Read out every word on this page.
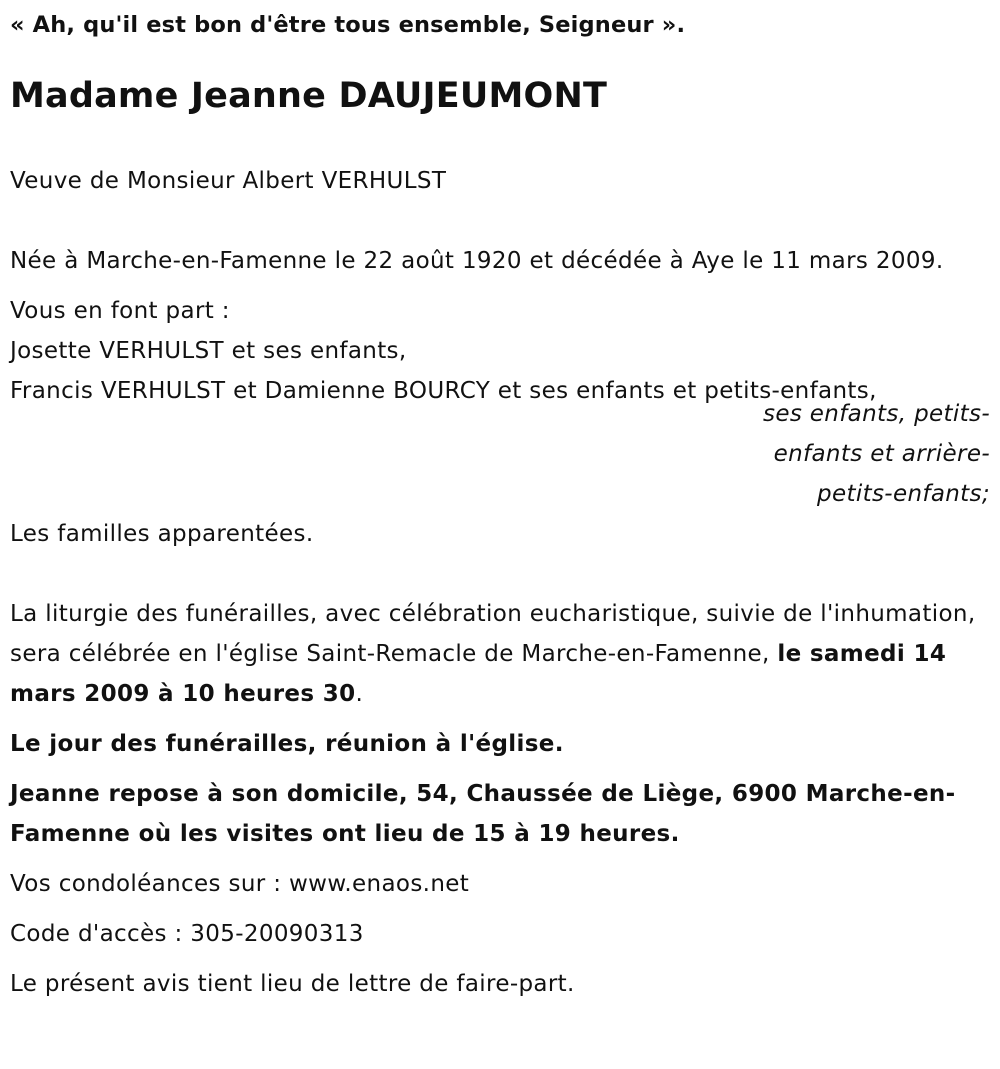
« Ah, qu'il est bon d'être tous ensemble, Seigneur ».

Madame Jeanne DAUJEUMONT

Veuve de Monsieur Albert VERHULST

Née à Marche-en-Famenne le 22 août 1920 et décédée à Aye le 11 mars 2009.

Vous en font part :

Josette VERHULST et ses enfants,

Francis VERHULST et Damienne BOURCY et ses enfants et petits-enfants,

ses enfants, petits-
enfants et arrière-
petits-enfants;

Les familles apparentées.

La liturgie des funérailles, avec célébration eucharistique, suivie de l'inhumation, sera célébrée en l'église Saint-Remacle de Marche-en-Famenne, le samedi 14 mars 2009 à 10 heures 30.

Le jour des funérailles, réunion à l'église.

Jeanne repose à son domicile, 54, Chaussée de Liège, 6900 Marche-en-Famenne où les visites ont lieu de 15 à 19 heures.

Vos condoléances sur : www.enaos.net

Code d'accès : 305-20090313

Le présent avis tient lieu de lettre de faire-part.
